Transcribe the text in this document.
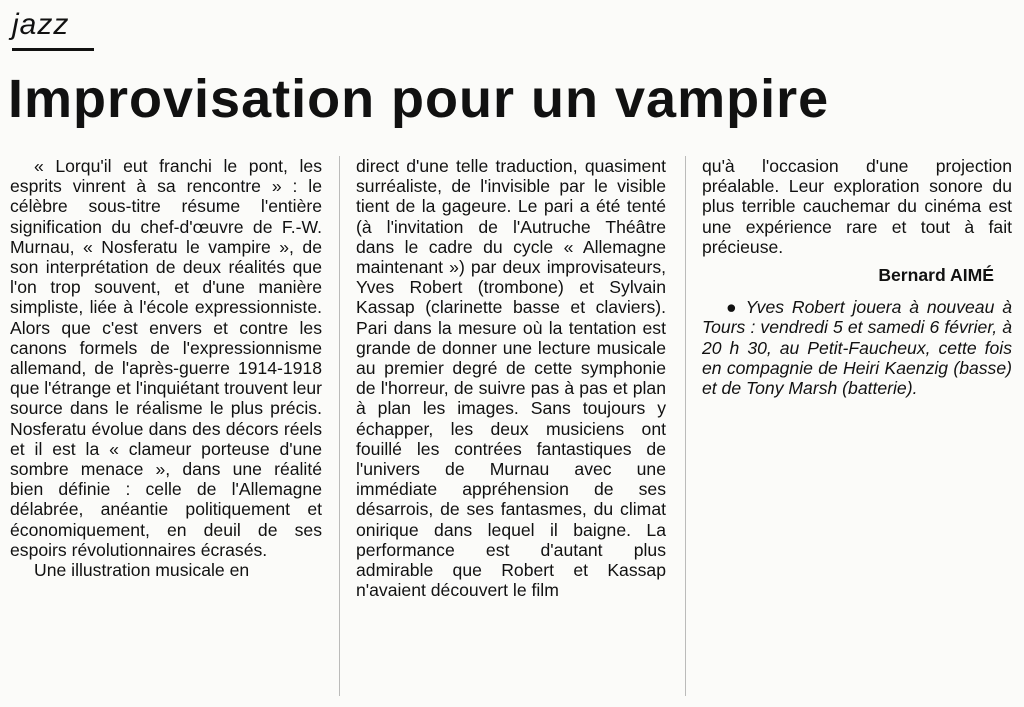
jazz
Improvisation pour un vampire

« Lorqu'il eut franchi le pont, les esprits vinrent à sa rencontre » : le célèbre sous-titre résume l'entière signification du chef-d'œuvre de F.-W. Murnau, « Nosferatu le vampire », de son interprétation de deux réalités que l'on trop souvent, et d'une manière simpliste, liée à l'école expressionniste. Alors que c'est envers et contre les canons formels de l'expressionnisme allemand, de l'après-guerre 1914-1918 que l'étrange et l'inquiétant trouvent leur source dans le réalisme le plus précis. Nosferatu évolue dans des décors réels et il est la « clameur porteuse d'une sombre menace », dans une réalité bien définie : celle de l'Allemagne délabrée, anéantie politiquement et économiquement, en deuil de ses espoirs révolutionnaires écrasés.

Une illustration musicale en

direct d'une telle traduction, quasiment surréaliste, de l'invisible par le visible tient de la gageure. Le pari a été tenté (à l'invitation de l'Autruche Théâtre dans le cadre du cycle « Allemagne maintenant ») par deux improvisateurs, Yves Robert (trombone) et Sylvain Kassap (clarinette basse et claviers). Pari dans la mesure où la tentation est grande de donner une lecture musicale au premier degré de cette symphonie de l'horreur, de suivre pas à pas et plan à plan les images. Sans toujours y échapper, les deux musiciens ont fouillé les contrées fantastiques de l'univers de Murnau avec une immédiate appréhension de ses désarrois, de ses fantasmes, du climat onirique dans lequel il baigne. La performance est d'autant plus admirable que Robert et Kassap n'avaient découvert le film

qu'à l'occasion d'une projection préalable. Leur exploration sonore du plus terrible cauchemar du cinéma est une expérience rare et tout à fait précieuse.

Bernard AIMÉ

● Yves Robert jouera à nouveau à Tours : vendredi 5 et samedi 6 février, à 20 h 30, au Petit-Faucheux, cette fois en compagnie de Heiri Kaenzig (basse) et de Tony Marsh (batterie).
